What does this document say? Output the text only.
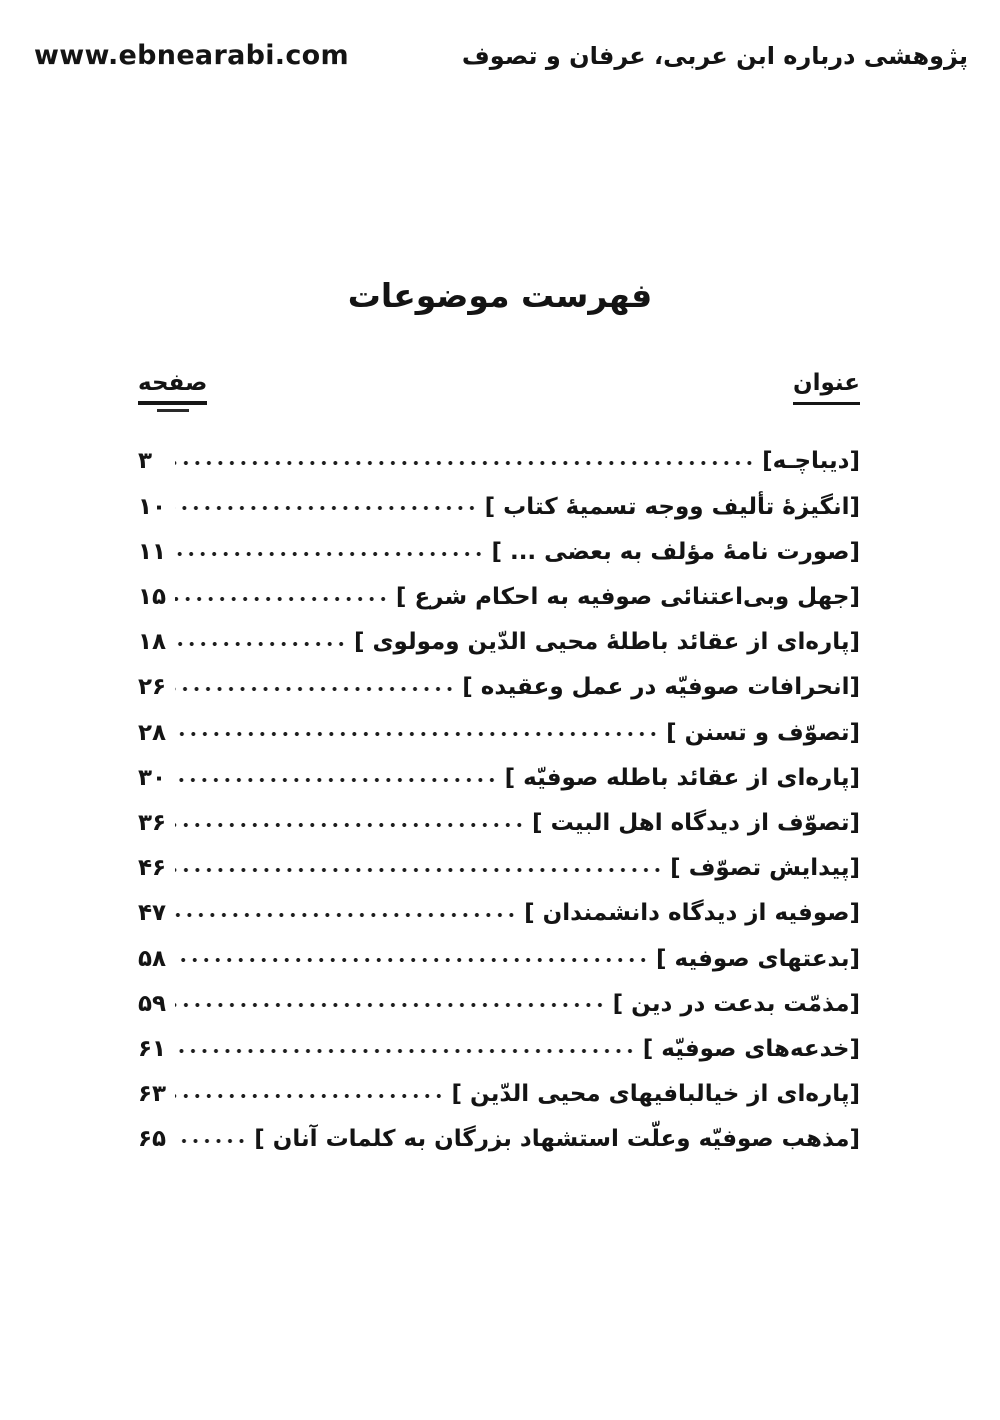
www.ebnearabi.com	پژوهشی درباره ابن عربی، عرفان و تصوف
فهرست موضوعات
عنوان
صفحه
[دیباچـه]
۳
[انگیزهٔ تألیف ووجه تسمیهٔ کتاب ]
۱۰
[صورت نامهٔ مؤلف به بعضی ... ]
۱۱
[جهل وبی‌اعتنائی صوفیه به احکام شرع ]
۱۵
[پاره‌ای از عقائد باطلهٔ محیی الدّین ومولوی ]
۱۸
[انحرافات صوفیّه در عمل وعقیده ]
۲۶
[تصوّف و تسنن ]
۲۸
[پاره‌ای از عقائد باطله صوفیّه ]
۳۰
[تصوّف از دیدگاه اهل البیت ]
۳۶
[پیدایش تصوّف ]
۴۶
[صوفیه از دیدگاه دانشمندان ]
۴۷
[بدعتهای صوفیه ]
۵۸
[مذمّت بدعت در دین ]
۵۹
[خدعه‌های صوفیّه ]
۶۱
[پاره‌ای از خیالبافیهای محیی الدّین ]
۶۳
[مذهب صوفیّه وعلّت استشهاد بزرگان به کلمات آنان ]
۶۵
